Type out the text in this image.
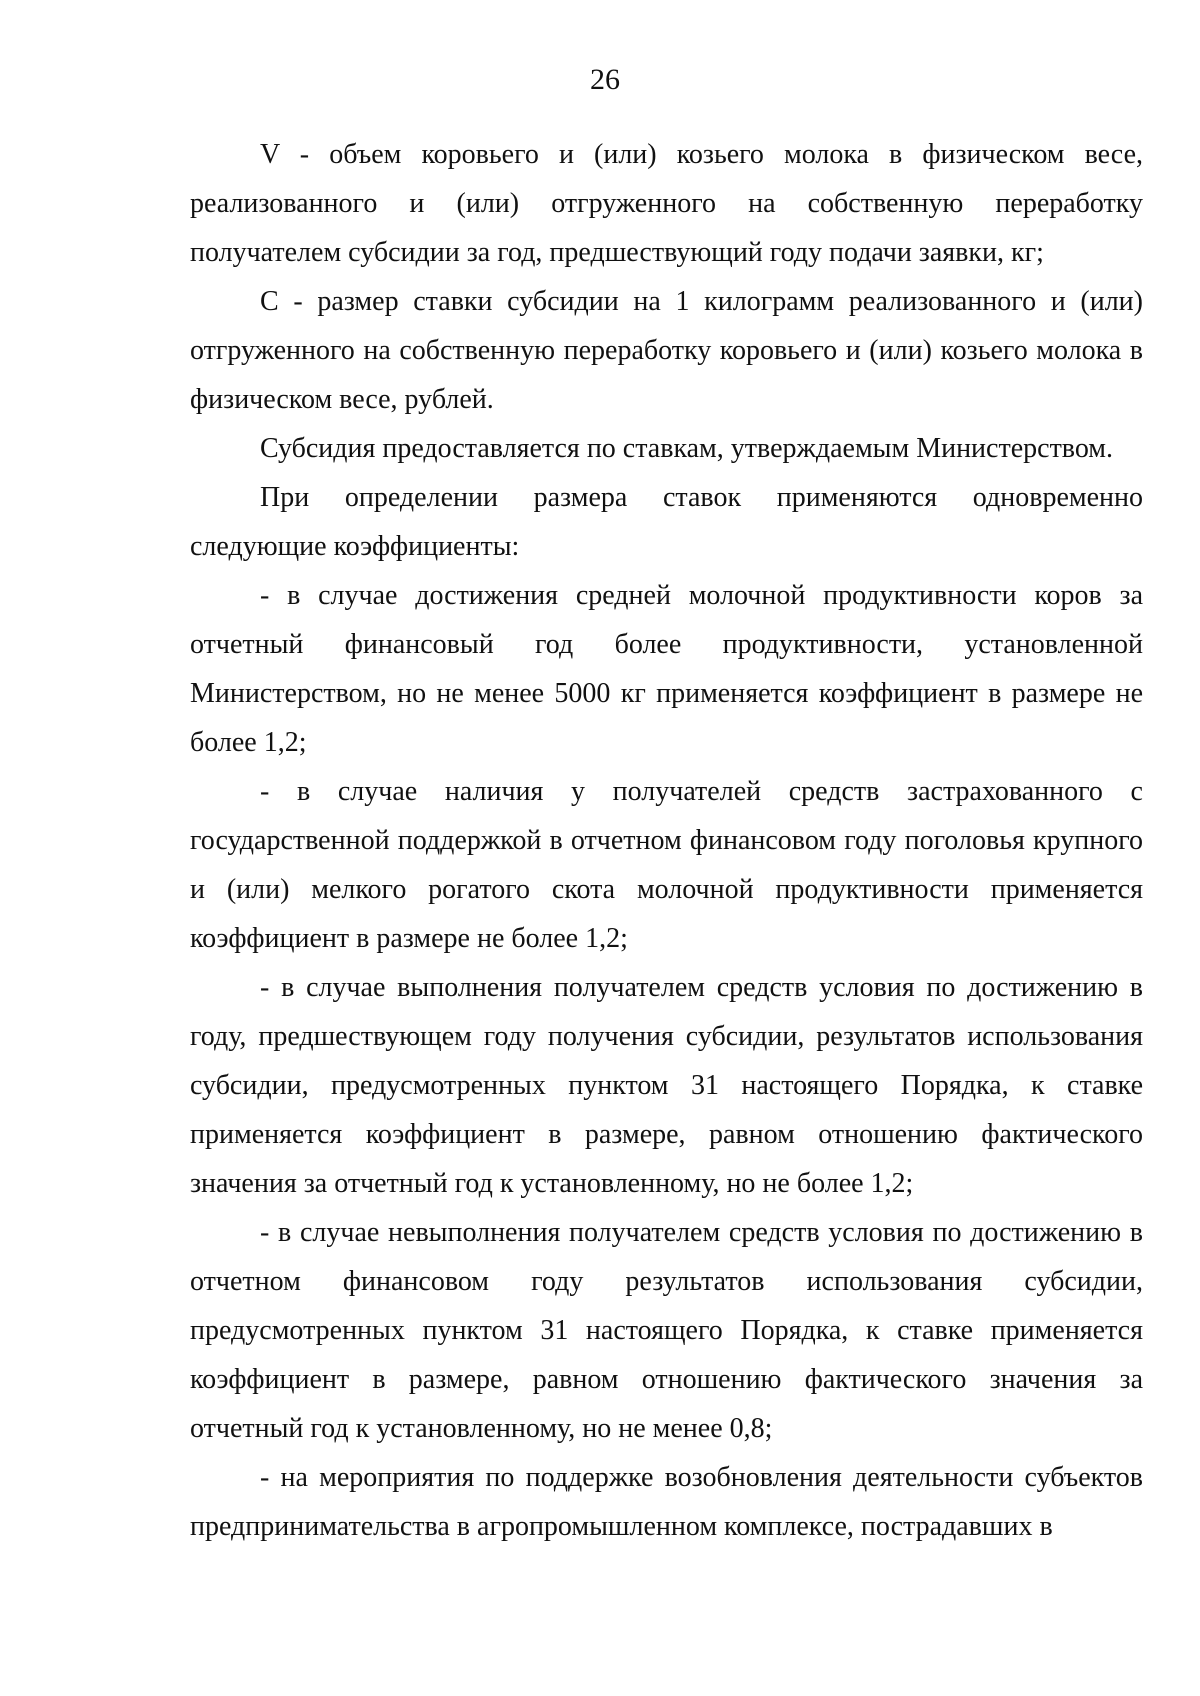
26

V - объем коровьего и (или) козьего молока в физическом весе, реализованного и (или) отгруженного на собственную переработку получателем субсидии за год, предшествующий году подачи заявки, кг;

С - размер ставки субсидии на 1 килограмм реализованного и (или) отгруженного на собственную переработку коровьего и (или) козьего молока в физическом весе, рублей.

Субсидия предоставляется по ставкам, утверждаемым Министерством.

При определении размера ставок применяются одновременно следующие коэффициенты:

- в случае достижения средней молочной продуктивности коров за отчетный финансовый год более продуктивности, установленной Министерством, но не менее 5000 кг применяется коэффициент в размере не более 1,2;

- в случае наличия у получателей средств застрахованного с государственной поддержкой в отчетном финансовом году поголовья крупного и (или) мелкого рогатого скота молочной продуктивности применяется коэффициент в размере не более 1,2;

- в случае выполнения получателем средств условия по достижению в году, предшествующем году получения субсидии, результатов использования субсидии, предусмотренных пунктом 31 настоящего Порядка, к ставке применяется коэффициент в размере, равном отношению фактического значения за отчетный год к установленному, но не более 1,2;

- в случае невыполнения получателем средств условия по достижению в отчетном финансовом году результатов использования субсидии, предусмотренных пунктом 31 настоящего Порядка, к ставке применяется коэффициент в размере, равном отношению фактического значения за отчетный год к установленному, но не менее 0,8;

- на мероприятия по поддержке возобновления деятельности субъектов предпринимательства в агропромышленном комплексе, пострадавших в
